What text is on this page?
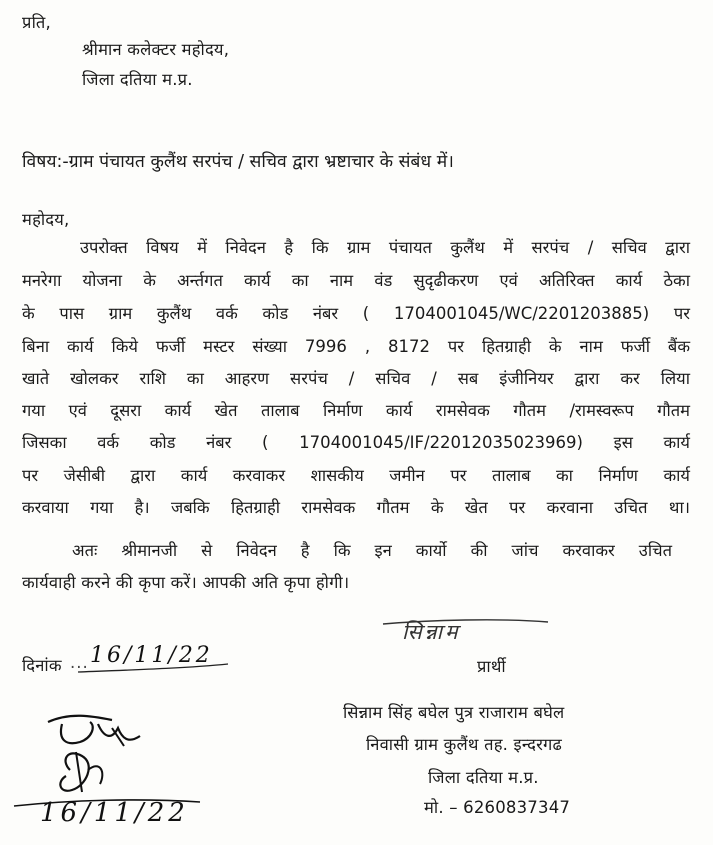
प्रति,
श्रीमान कलेक्टर महोदय,
जिला दतिया म.प्र.
विषय:-ग्राम पंचायत कुलैंथ सरपंच / सचिव द्वारा भ्रष्टाचार के संबंध में।
महोदय,
उपरोक्त विषय में निवेदन है कि ग्राम पंचायत कुलैंथ में सरपंच / सचिव द्वारा
मनरेगा योजना के अर्न्तगत कार्य का नाम वंड सुदृढीकरण एवं अतिरिक्त कार्य ठेका
के पास ग्राम कुलैंथ वर्क कोड नंबर ( 1704001045/WC/2201203885) पर
बिना कार्य किये फर्जी मस्टर संख्या 7996 , 8172 पर हितग्राही के नाम फर्जी बैंक
खाते खोलकर राशि का आहरण सरपंच / सचिव / सब इंजीनियर द्वारा कर लिया
गया एवं दूसरा कार्य खेत तालाब निर्माण कार्य रामसेवक गौतम /रामस्वरूप गौतम
जिसका वर्क कोड नंबर ( 1704001045/IF/22012035023969) इस कार्य
पर जेसीबी द्वारा कार्य करवाकर शासकीय जमीन पर तालाब का निर्माण कार्य
करवाया गया है। जबकि हितग्राही रामसेवक गौतम के खेत पर करवाना उचित था।
अतः श्रीमानजी से निवेदन है कि इन कार्यो की जांच करवाकर उचित
कार्यवाही करने की कृपा करें। आपकी अति कृपा होगी।
सिन्नाम
प्रार्थी
दिनांक ... 16/11/22
सिन्नाम सिंह बघेल पुत्र राजाराम बघेल
निवासी ग्राम कुलैंथ तह. इन्दरगढ
जिला दतिया म.प्र.
मो. – 6260837347
16/11/22
